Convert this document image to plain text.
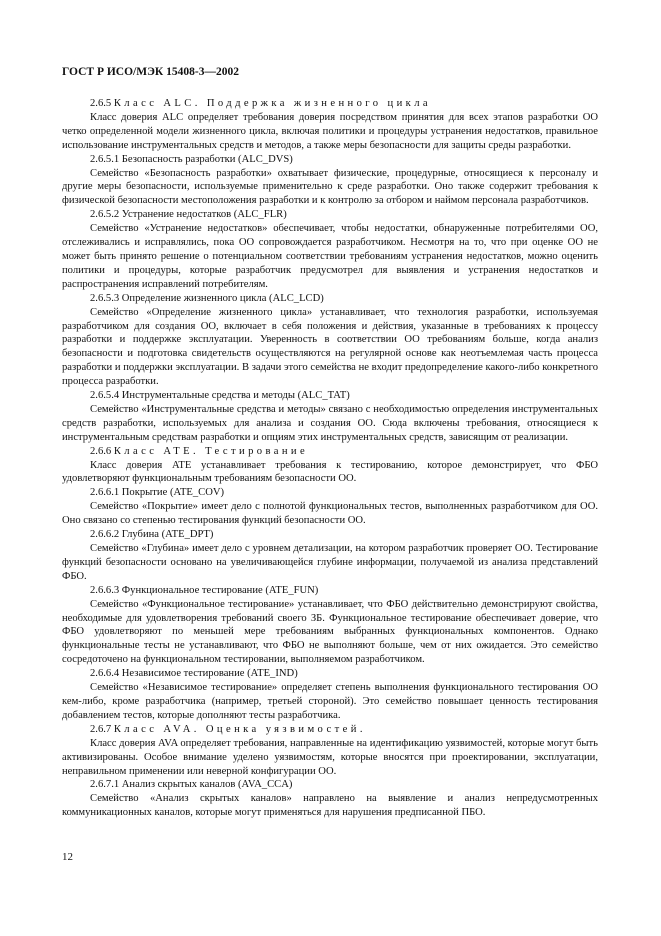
ГОСТ Р ИСО/МЭК 15408-3—2002

2.6.5 Класс ALC. Поддержка жизненного цикла

Класс доверия ALC определяет требования доверия посредством принятия для всех этапов разработки ОО четко определенной модели жизненного цикла, включая политики и процедуры устранения недостатков, правильное использование инструментальных средств и методов, а также меры безопасности для защиты среды разработки.

2.6.5.1 Безопасность разработки (ALC_DVS)

Семейство «Безопасность разработки» охватывает физические, процедурные, относящиеся к персоналу и другие меры безопасности, используемые применительно к среде разработки. Оно также содержит требования к физической безопасности местоположения разработки и к контролю за отбором и наймом персонала разработчиков.

2.6.5.2 Устранение недостатков (ALC_FLR)

Семейство «Устранение недостатков» обеспечивает, чтобы недостатки, обнаруженные потребителями ОО, отслеживались и исправлялись, пока ОО сопровождается разработчиком. Несмотря на то, что при оценке ОО не может быть принято решение о потенциальном соответствии требованиям устранения недостатков, можно оценить политики и процедуры, которые разработчик предусмотрел для выявления и устранения недостатков и распространения исправлений потребителям.

2.6.5.3 Определение жизненного цикла (ALC_LCD)

Семейство «Определение жизненного цикла» устанавливает, что технология разработки, используемая разработчиком для создания ОО, включает в себя положения и действия, указанные в требованиях к процессу разработки и поддержке эксплуатации. Уверенность в соответствии ОО требованиям больше, когда анализ безопасности и подготовка свидетельств осуществляются на регулярной основе как неотъемлемая часть процесса разработки и поддержки эксплуатации. В задачи этого семейства не входит предопределение какого-либо конкретного процесса разработки.

2.6.5.4 Инструментальные средства и методы (ALC_TAT)

Семейство «Инструментальные средства и методы» связано с необходимостью определения инструментальных средств разработки, используемых для анализа и создания ОО. Сюда включены требования, относящиеся к инструментальным средствам разработки и опциям этих инструментальных средств, зависящим от реализации.

2.6.6 Класс ATE. Тестирование

Класс доверия ATE устанавливает требования к тестированию, которое демонстрирует, что ФБО удовлетворяют функциональным требованиям безопасности ОО.

2.6.6.1 Покрытие (ATE_COV)

Семейство «Покрытие» имеет дело с полнотой функциональных тестов, выполненных разработчиком для ОО. Оно связано со степенью тестирования функций безопасности ОО.

2.6.6.2 Глубина (ATE_DPT)

Семейство «Глубина» имеет дело с уровнем детализации, на котором разработчик проверяет ОО. Тестирование функций безопасности основано на увеличивающейся глубине информации, получаемой из анализа представлений ФБО.

2.6.6.3 Функциональное тестирование (ATE_FUN)

Семейство «Функциональное тестирование» устанавливает, что ФБО действительно демонстрируют свойства, необходимые для удовлетворения требований своего ЗБ. Функциональное тестирование обеспечивает доверие, что ФБО удовлетворяют по меньшей мере требованиям выбранных функциональных компонентов. Однако функциональные тесты не устанавливают, что ФБО не выполняют больше, чем от них ожидается. Это семейство сосредоточено на функциональном тестировании, выполняемом разработчиком.

2.6.6.4 Независимое тестирование (ATE_IND)

Семейство «Независимое тестирование» определяет степень выполнения функционального тестирования ОО кем-либо, кроме разработчика (например, третьей стороной). Это семейство повышает ценность тестирования добавлением тестов, которые дополняют тесты разработчика.

2.6.7 Класс AVA. Оценка уязвимостей.

Класс доверия AVA определяет требования, направленные на идентификацию уязвимостей, которые могут быть активизированы. Особое внимание уделено уязвимостям, которые вносятся при проектировании, эксплуатации, неправильном применении или неверной конфигурации ОО.

2.6.7.1 Анализ скрытых каналов (AVA_CCA)

Семейство «Анализ скрытых каналов» направлено на выявление и анализ непредусмотренных коммуникационных каналов, которые могут применяться для нарушения предписанной ПБО.

12
